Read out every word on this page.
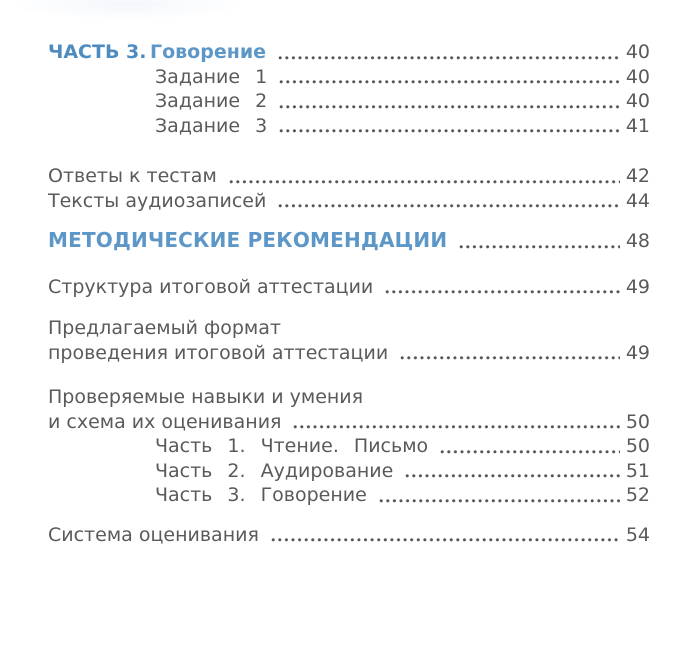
ЧАСТЬ 3. Говорение	40
Задание 1	40
Задание 2	40
Задание 3	41
Ответы к тестам	42
Тексты аудиозаписей	44
МЕТОДИЧЕСКИЕ РЕКОМЕНДАЦИИ	48
Структура итоговой аттестации	49
Предлагаемый формат
проведения итоговой аттестации	49
Проверяемые навыки и умения
и схема их оценивания	50
Часть 1. Чтение. Письмо	50
Часть 2. Аудирование	51
Часть 3. Говорение	52
Система оценивания	54
